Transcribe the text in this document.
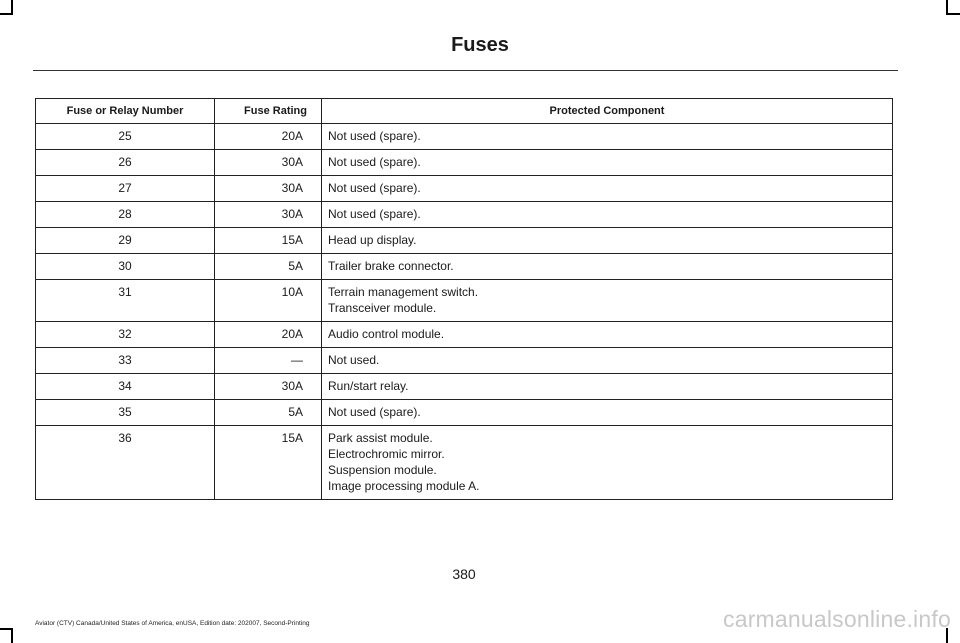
Fuses
Fuse or Relay Number	Fuse Rating	Protected Component
25	20A	Not used (spare).

26	30A	Not used (spare).

27	30A	Not used (spare).

28	30A	Not used (spare).

29	15A	Head up display.

30	5A	Trailer brake connector.

31	10A	Terrain management switch.
Transceiver module.

32	20A	Audio control module.

33	—	Not used.

34	30A	Run/start relay.

35	5A	Not used (spare).

36	15A	Park assist module.
Electrochromic mirror.
Suspension module.
Image processing module A.
380
Aviator (CTV) Canada/United States of America, enUSA, Edition date: 202007, Second-Printing	carmanualsonline.info
